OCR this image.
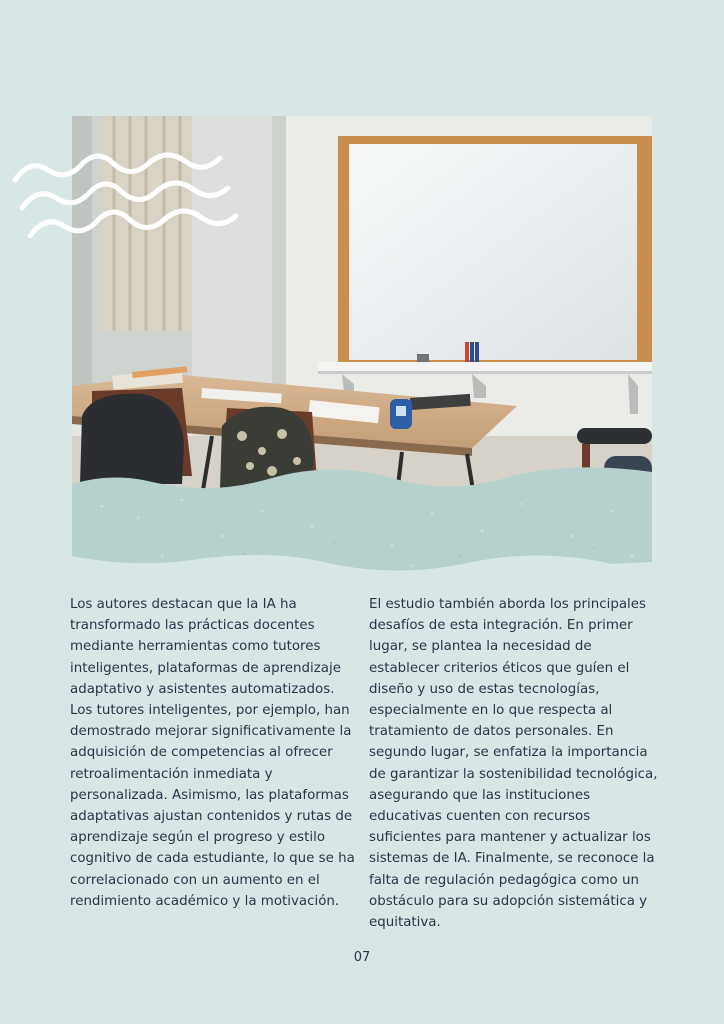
Los autores destacan que la IA ha transformado las prácticas docentes mediante herramientas como tutores inteligentes, plataformas de aprendizaje adaptativo y asistentes automatizados. Los tutores inteligentes, por ejemplo, han demostrado mejorar significativamente la adquisición de competencias al ofrecer retroalimentación inmediata y personalizada. Asimismo, las plataformas adaptativas ajustan contenidos y rutas de aprendizaje según el progreso y estilo cognitivo de cada estudiante, lo que se ha correlacionado con un aumento en el rendimiento académico y la motivación.

El estudio también aborda los principales desafíos de esta integración. En primer lugar, se plantea la necesidad de establecer criterios éticos que guíen el diseño y uso de estas tecnologías, especialmente en lo que respecta al tratamiento de datos personales. En segundo lugar, se enfatiza la importancia de garantizar la sostenibilidad tecnológica, asegurando que las instituciones educativas cuenten con recursos suficientes para mantener y actualizar los sistemas de IA. Finalmente, se reconoce la falta de regulación pedagógica como un obstáculo para su adopción sistemática y equitativa.

07
